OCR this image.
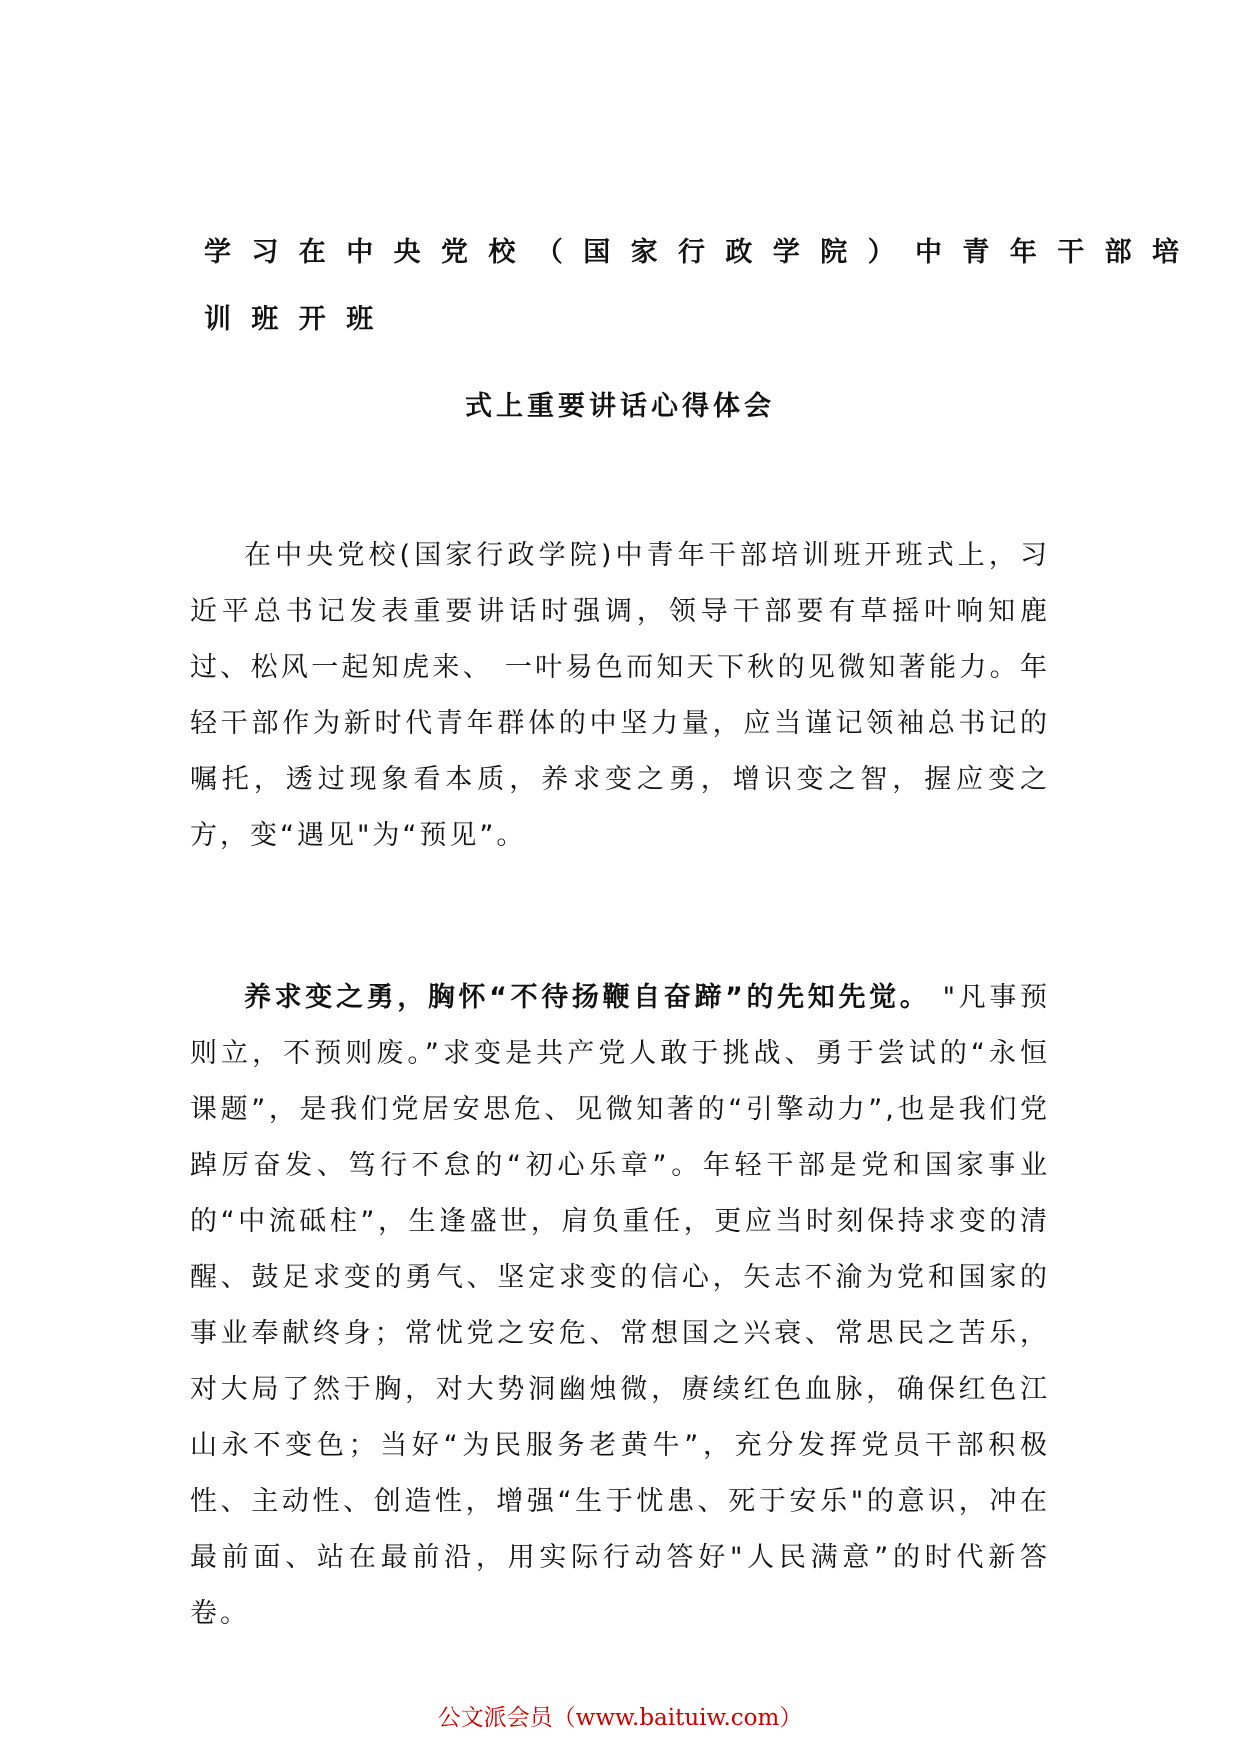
学习在中央党校（国家行政学院）中青年干部培

训班开班

式上重要讲话心得体会

在中央党校(国家行政学院)中青年干部培训班开班式上，习近平总书记发表重要讲话时强调，领导干部要有草摇叶响知鹿过、松风一起知虎来、 一叶易色而知天下秋的见微知著能力。年轻干部作为新时代青年群体的中坚力量，应当谨记领袖总书记的嘱托，透过现象看本质，养求变之勇，增识变之智，握应变之方，变“遇见"为“预见”。

养求变之勇，胸怀“不待扬鞭自奋蹄”的先知先觉。 "凡事预则立，不预则废。”求变是共产党人敢于挑战、勇于尝试的“永恒课题”，是我们党居安思危、见微知著的“引擎动力”,也是我们党踔厉奋发、笃行不怠的“初心乐章”。年轻干部是党和国家事业的“中流砥柱”，生逢盛世，肩负重任，更应当时刻保持求变的清醒、鼓足求变的勇气、坚定求变的信心，矢志不渝为党和国家的事业奉献终身；常忧党之安危、常想国之兴衰、常思民之苦乐，对大局了然于胸，对大势洞幽烛微，赓续红色血脉，确保红色江山永不变色；当好“为民服务老黄牛”，充分发挥党员干部积极性、主动性、创造性，增强“生于忧患、死于安乐"的意识，冲在最前面、站在最前沿，用实际行动答好"人民满意”的时代新答卷。

公文派会员（www.baituiw.com）
